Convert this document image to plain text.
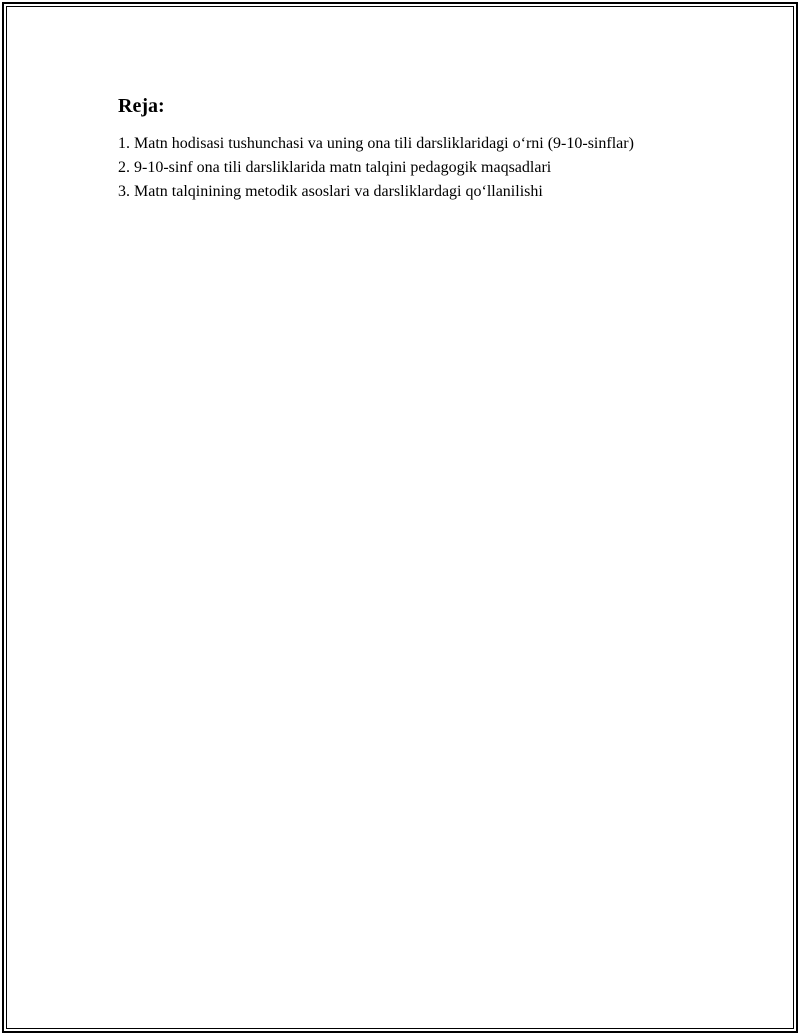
Reja:
1. Matn hodisasi tushunchasi va uning ona tili darsliklaridagi o‘rni (9-10-sinflar)
2. 9-10-sinf ona tili darsliklarida matn talqini pedagogik maqsadlari
3. Matn talqinining metodik asoslari va darsliklardagi qo‘llanilishi
